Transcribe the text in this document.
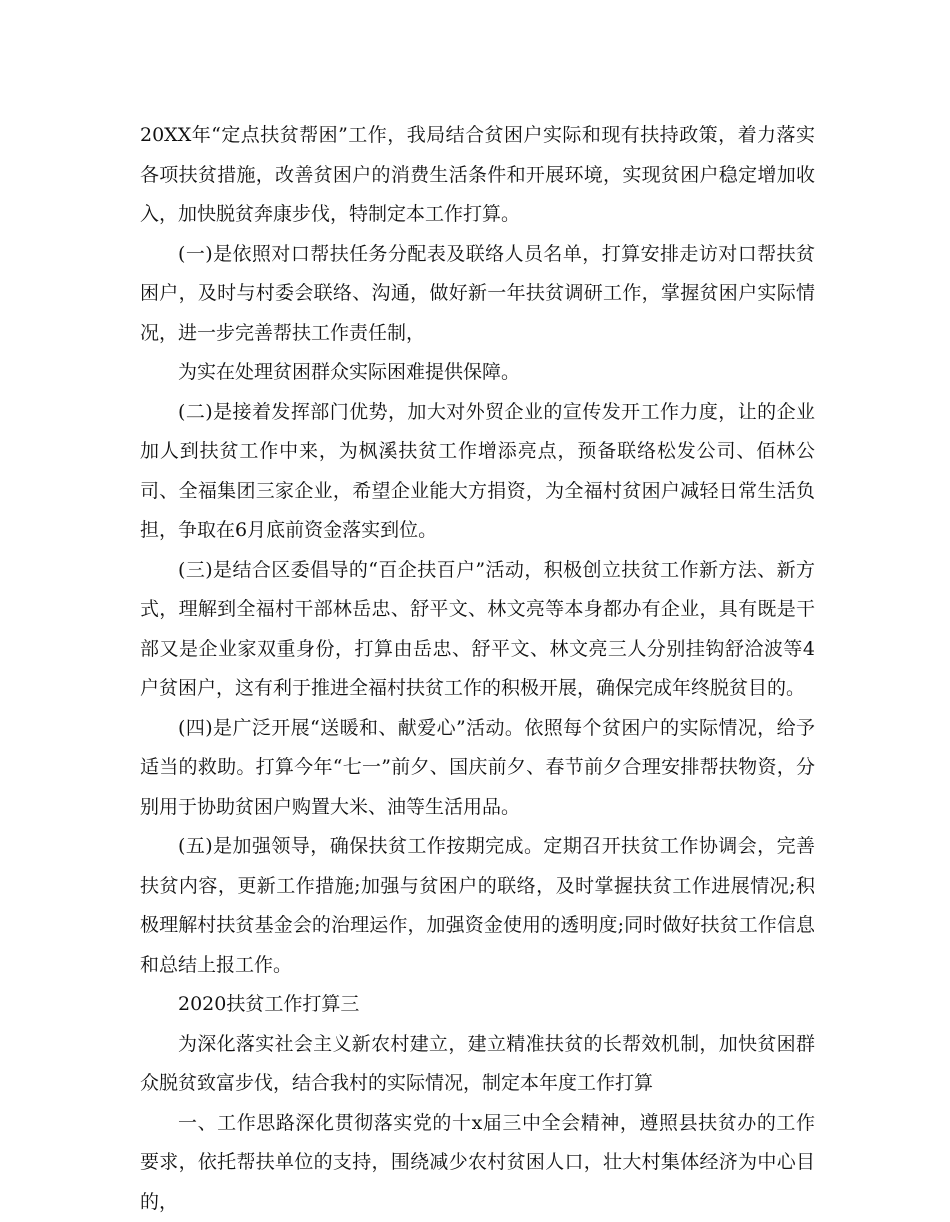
20XX年“定点扶贫帮困”工作，我局结合贫困户实际和现有扶持政策，着力落实各项扶贫措施，改善贫困户的消费生活条件和开展环境，实现贫困户稳定增加收入，加快脱贫奔康步伐，特制定本工作打算。

(一)是依照对口帮扶任务分配表及联络人员名单，打算安排走访对口帮扶贫困户，及时与村委会联络、沟通，做好新一年扶贫调研工作，掌握贫困户实际情况，进一步完善帮扶工作责任制，

为实在处理贫困群众实际困难提供保障。

(二)是接着发挥部门优势，加大对外贸企业的宣传发开工作力度，让的企业加人到扶贫工作中来，为枫溪扶贫工作增添亮点，预备联络松发公司、佰林公司、全福集团三家企业，希望企业能大方捐资，为全福村贫困户减轻日常生活负担，争取在6月底前资金落实到位。

(三)是结合区委倡导的“百企扶百户”活动，积极创立扶贫工作新方法、新方式，理解到全福村干部林岳忠、舒平文、林文亮等本身都办有企业，具有既是干部又是企业家双重身份，打算由岳忠、舒平文、林文亮三人分别挂钩舒洽波等4户贫困户，这有利于推进全福村扶贫工作的积极开展，确保完成年终脱贫目的。

(四)是广泛开展“送暖和、献爱心”活动。依照每个贫困户的实际情况，给予适当的救助。打算今年“七一”前夕、国庆前夕、春节前夕合理安排帮扶物资，分别用于协助贫困户购置大米、油等生活用品。

(五)是加强领导，确保扶贫工作按期完成。定期召开扶贫工作协调会，完善扶贫内容，更新工作措施;加强与贫困户的联络，及时掌握扶贫工作进展情况;积极理解村扶贫基金会的治理运作，加强资金使用的透明度;同时做好扶贫工作信息和总结上报工作。

2020扶贫工作打算三

为深化落实社会主义新农村建立，建立精准扶贫的长帮效机制，加快贫困群众脱贫致富步伐，结合我村的实际情况，制定本年度工作打算

一、工作思路深化贯彻落实党的十x届三中全会精神，遵照县扶贫办的工作要求，依托帮扶单位的支持，围绕减少农村贫困人口，壮大村集体经济为中心目的，
